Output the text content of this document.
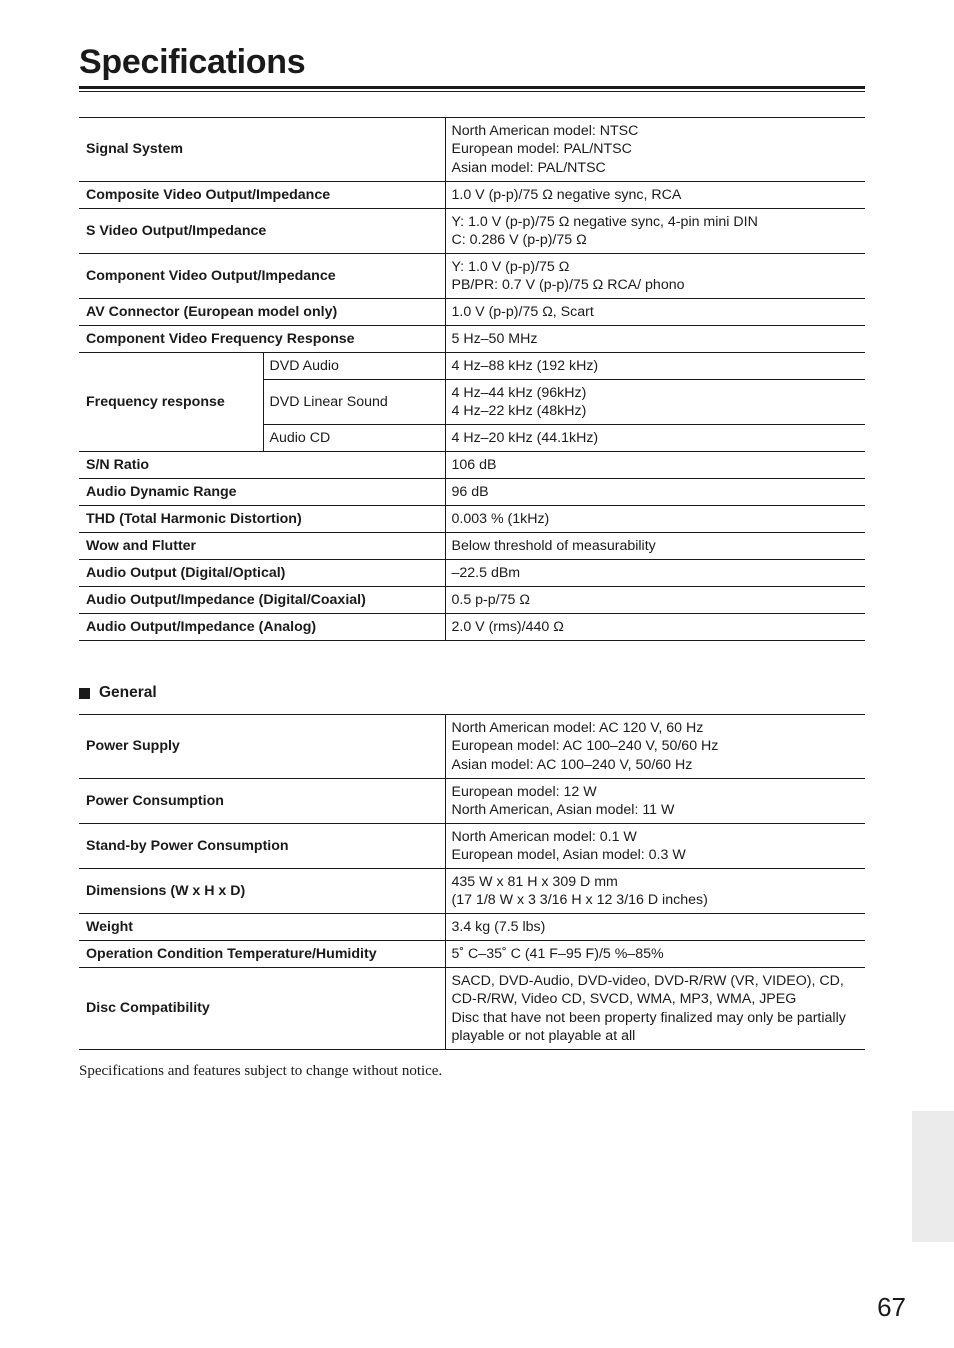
Specifications
Signal System		North American model: NTSC
European model: PAL/NTSC
Asian model: PAL/NTSC

Composite Video Output/Impedance		1.0 V (p-p)/75 Ω negative sync, RCA

S Video Output/Impedance		Y: 1.0 V (p-p)/75 Ω negative sync, 4-pin mini DIN
C: 0.286 V (p-p)/75 Ω

Component Video Output/Impedance		Y: 1.0 V (p-p)/75 Ω
PB/PR: 0.7 V (p-p)/75 Ω RCA/ phono

AV Connector (European model only)		1.0 V (p-p)/75 Ω, Scart

Component Video Frequency Response		5 Hz–50 MHz

Frequency response	DVD Audio	4 Hz–88 kHz (192 kHz)

	DVD Linear Sound	4 Hz–44 kHz (96kHz)
4 Hz–22 kHz (48kHz)

	Audio CD	4 Hz–20 kHz (44.1kHz)

S/N Ratio		106 dB

Audio Dynamic Range		96 dB

THD (Total Harmonic Distortion)		0.003 % (1kHz)

Wow and Flutter		Below threshold of measurability

Audio Output (Digital/Optical)		–22.5 dBm

Audio Output/Impedance (Digital/Coaxial)		0.5 p-p/75 Ω

Audio Output/Impedance (Analog)		2.0 V (rms)/440 Ω
General
Power Supply	North American model: AC 120 V, 60 Hz
European model: AC 100–240 V, 50/60 Hz
Asian model: AC 100–240 V, 50/60 Hz

Power Consumption	European model: 12 W
North American, Asian model: 11 W

Stand-by Power Consumption	North American model: 0.1 W
European model, Asian model: 0.3 W

Dimensions (W x H x D)	435 W x 81 H x 309 D mm
(17 1/8 W x 3 3/16 H x 12 3/16 D inches)

Weight	3.4 kg (7.5 lbs)

Operation Condition Temperature/Humidity	5˚ C–35˚ C (41 F–95 F)/5 %–85%

Disc Compatibility	SACD, DVD-Audio, DVD-video, DVD-R/RW (VR, VIDEO), CD,
CD-R/RW, Video CD, SVCD, WMA, MP3, WMA, JPEG
Disc that have not been property finalized may only be partially
playable or not playable at all
Specifications and features subject to change without notice.
67
